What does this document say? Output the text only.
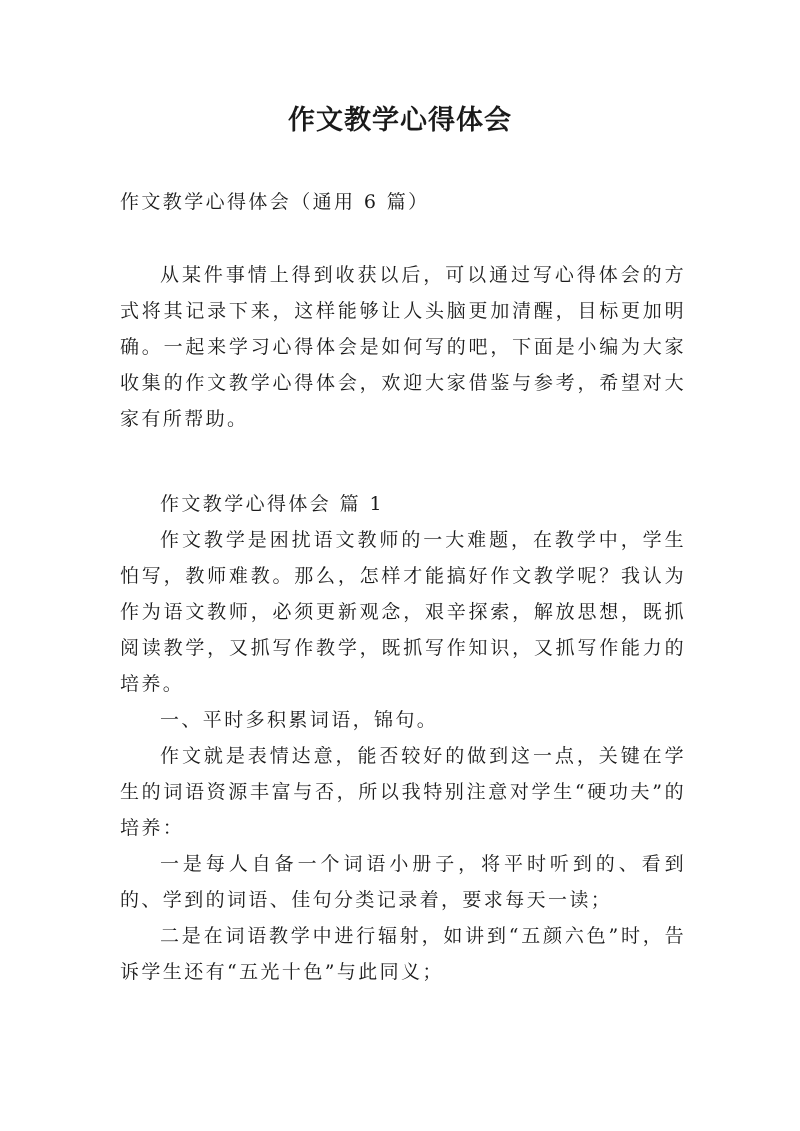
作文教学心得体会
作文教学心得体会（通用 6 篇）
从某件事情上得到收获以后，可以通过写心得体会的方式将其记录下来，这样能够让人头脑更加清醒，目标更加明确。一起来学习心得体会是如何写的吧，下面是小编为大家收集的作文教学心得体会，欢迎大家借鉴与参考，希望对大家有所帮助。
作文教学心得体会 篇 1

作文教学是困扰语文教师的一大难题，在教学中，学生怕写，教师难教。那么，怎样才能搞好作文教学呢？我认为作为语文教师，必须更新观念，艰辛探索，解放思想，既抓阅读教学，又抓写作教学，既抓写作知识，又抓写作能力的培养。

一、平时多积累词语，锦句。

作文就是表情达意，能否较好的做到这一点，关键在学生的词语资源丰富与否，所以我特别注意对学生“硬功夫”的培养：

一是每人自备一个词语小册子，将平时听到的、看到的、学到的词语、佳句分类记录着，要求每天一读；

二是在词语教学中进行辐射，如讲到“五颜六色”时，告诉学生还有“五光十色”与此同义；
